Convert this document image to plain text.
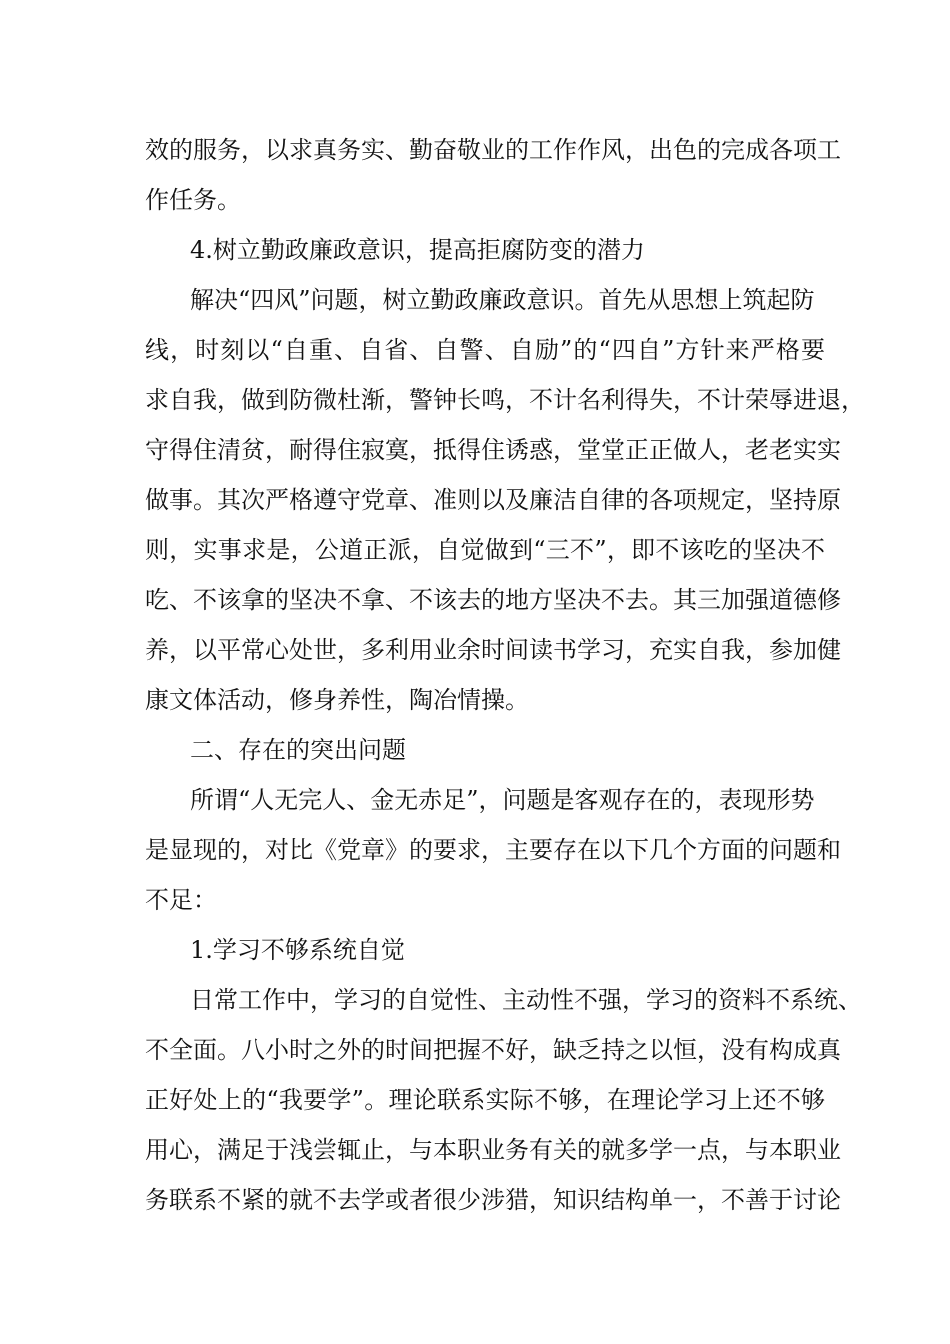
效的服务，以求真务实、勤奋敬业的工作作风，出色的完成各项工
作任务。
4.树立勤政廉政意识，提高拒腐防变的潜力
解决“四风”问题，树立勤政廉政意识。首先从思想上筑起防
线，时刻以“自重、自省、自警、自励”的“四自”方针来严格要
求自我，做到防微杜渐，警钟长鸣，不计名利得失，不计荣辱进退，
守得住清贫，耐得住寂寞，抵得住诱惑，堂堂正正做人，老老实实
做事。其次严格遵守党章、准则以及廉洁自律的各项规定，坚持原
则，实事求是，公道正派，自觉做到“三不”，即不该吃的坚决不
吃、不该拿的坚决不拿、不该去的地方坚决不去。其三加强道德修
养，以平常心处世，多利用业余时间读书学习，充实自我，参加健
康文体活动，修身养性，陶冶情操。
二、存在的突出问题
所谓“人无完人、金无赤足”，问题是客观存在的，表现形势
是显现的，对比《党章》的要求，主要存在以下几个方面的问题和
不足：
1.学习不够系统自觉
日常工作中，学习的自觉性、主动性不强，学习的资料不系统、
不全面。八小时之外的时间把握不好，缺乏持之以恒，没有构成真
正好处上的“我要学”。理论联系实际不够，在理论学习上还不够
用心，满足于浅尝辄止，与本职业务有关的就多学一点，与本职业
务联系不紧的就不去学或者很少涉猎，知识结构单一，不善于讨论
